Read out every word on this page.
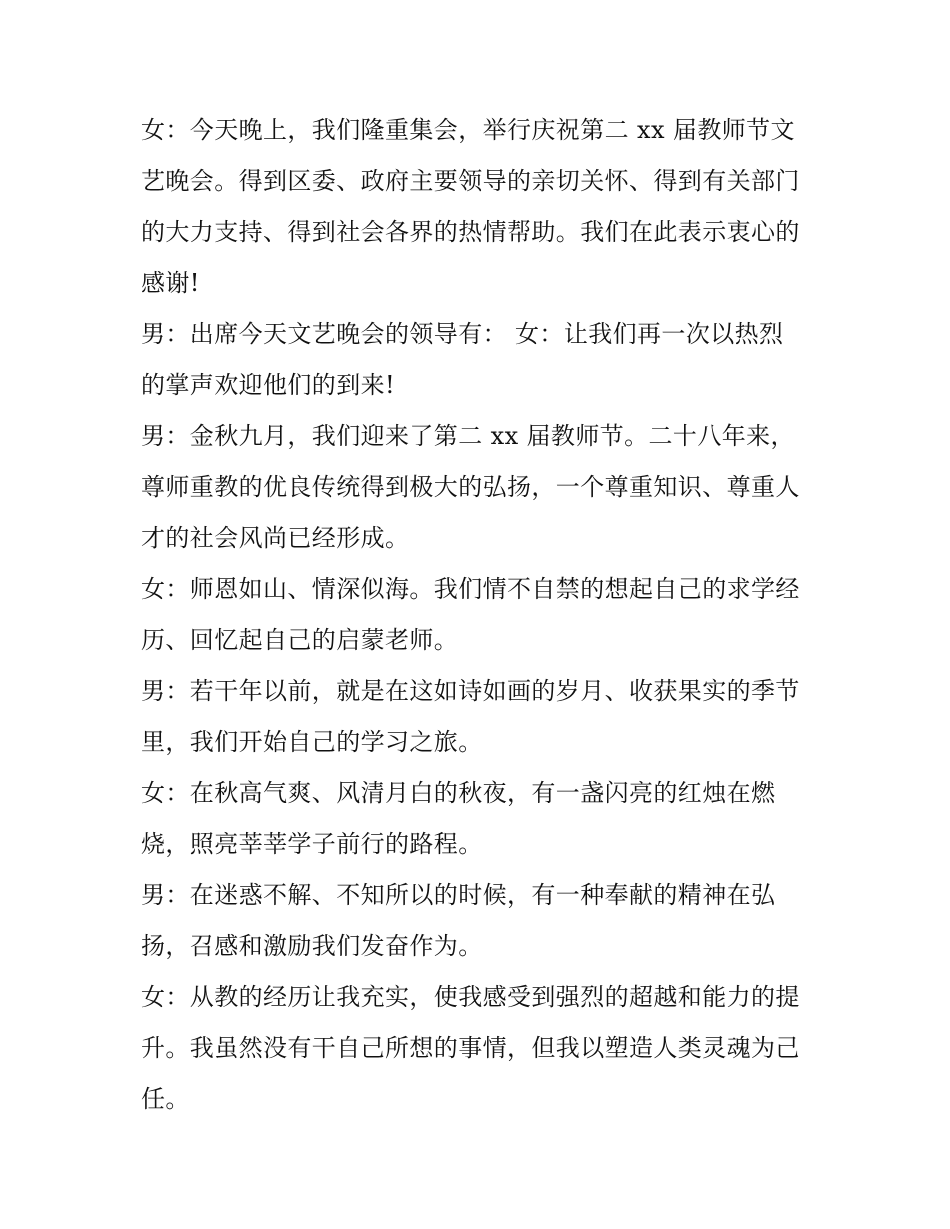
女：今天晚上，我们隆重集会，举行庆祝第二 xx 届教师节文

艺晚会。得到区委、政府主要领导的亲切关怀、得到有关部门

的大力支持、得到社会各界的热情帮助。我们在此表示衷心的

感谢!

男：出席今天文艺晚会的领导有： 女：让我们再一次以热烈

的掌声欢迎他们的到来!

男：金秋九月，我们迎来了第二 xx 届教师节。二十八年来，

尊师重教的优良传统得到极大的弘扬，一个尊重知识、尊重人

才的社会风尚已经形成。

女：师恩如山、情深似海。我们情不自禁的想起自己的求学经

历、回忆起自己的启蒙老师。

男：若干年以前，就是在这如诗如画的岁月、收获果实的季节

里，我们开始自己的学习之旅。

女：在秋高气爽、风清月白的秋夜，有一盏闪亮的红烛在燃

烧，照亮莘莘学子前行的路程。

男：在迷惑不解、不知所以的时候，有一种奉献的精神在弘

扬，召感和激励我们发奋作为。

女：从教的经历让我充实，使我感受到强烈的超越和能力的提

升。我虽然没有干自己所想的事情，但我以塑造人类灵魂为己

任。
